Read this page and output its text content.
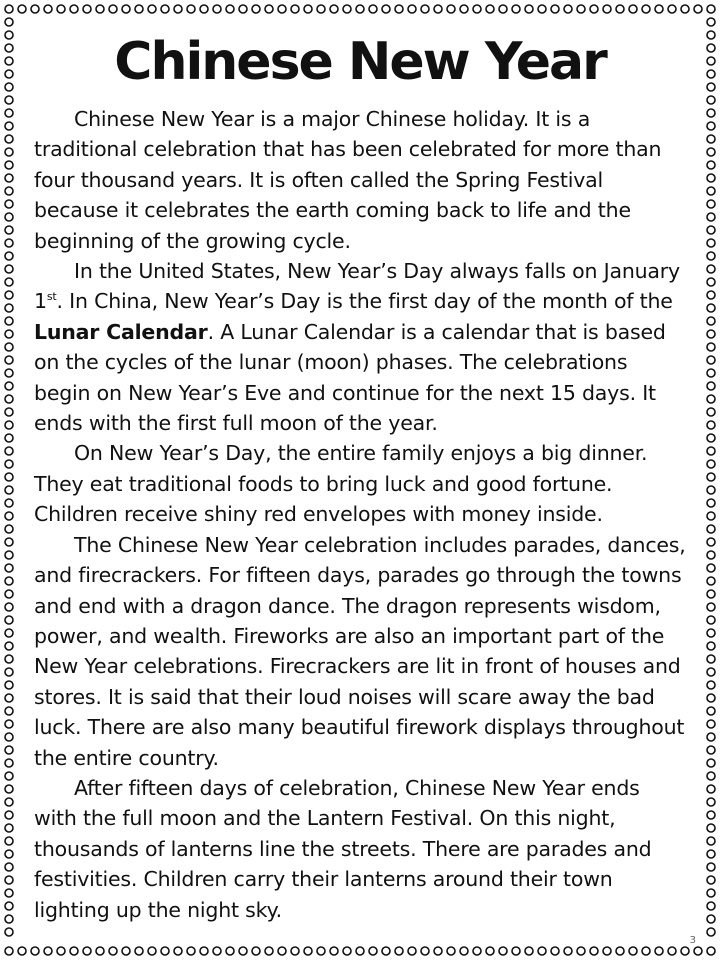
Chinese New Year

Chinese New Year is a major Chinese holiday. It is a traditional celebration that has been celebrated for more than four thousand years. It is often called the Spring Festival because it celebrates the earth coming back to life and the beginning of the growing cycle.

In the United States, New Year’s Day always falls on January 1st. In China, New Year’s Day is the first day of the month of the Lunar Calendar. A Lunar Calendar is a calendar that is based on the cycles of the lunar (moon) phases. The celebrations begin on New Year’s Eve and continue for the next 15 days. It ends with the first full moon of the year.

On New Year’s Day, the entire family enjoys a big dinner. They eat traditional foods to bring luck and good fortune. Children receive shiny red envelopes with money inside.

The Chinese New Year celebration includes parades, dances, and firecrackers. For fifteen days, parades go through the towns and end with a dragon dance. The dragon represents wisdom, power, and wealth. Fireworks are also an important part of the New Year celebrations. Firecrackers are lit in front of houses and stores. It is said that their loud noises will scare away the bad luck. There are also many beautiful firework displays throughout the entire country.

After fifteen days of celebration, Chinese New Year ends with the full moon and the Lantern Festival. On this night, thousands of lanterns line the streets. There are parades and festivities. Children carry their lanterns around their town lighting up the night sky.

3
